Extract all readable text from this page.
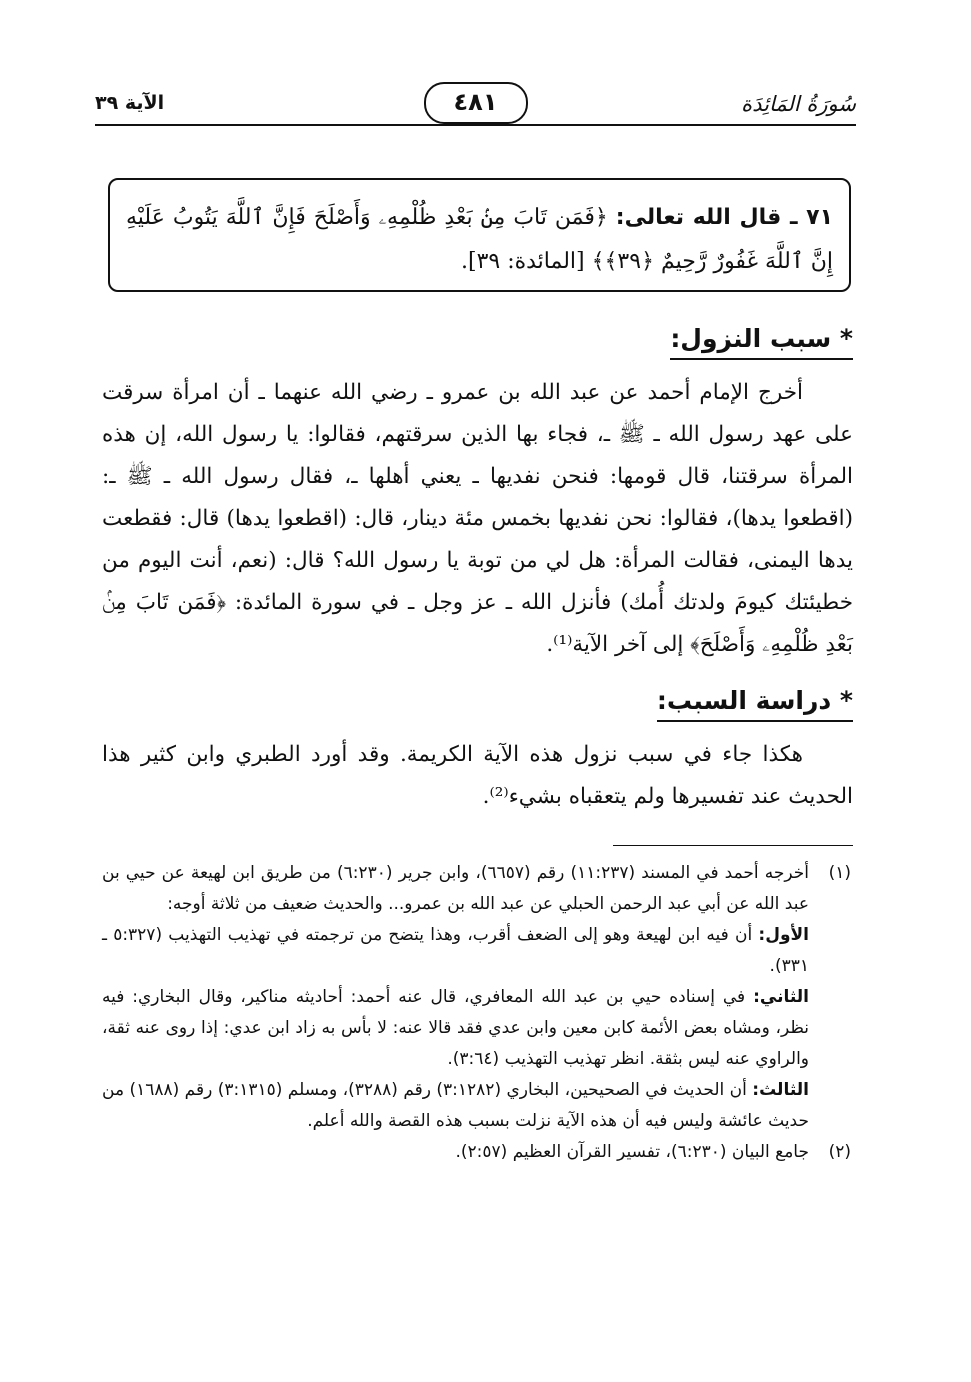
سُورَةُ المَائِدَة
٤٨١
الآية ٣٩
٧١ ـ قال الله تعالى: ﴿فَمَن تَابَ مِنۢ بَعْدِ ظُلْمِهِۦ وَأَصْلَحَ فَإِنَّ ٱللَّهَ يَتُوبُ عَلَيْهِ إِنَّ ٱللَّهَ غَفُورٌ رَّحِيمٌ ﴿٣٩﴾﴾ [المائدة: ٣٩].
* سبب النزول:
أخرج الإمام أحمد عن عبد الله بن عمرو ـ رضي الله عنهما ـ أن امرأة سرقت على عهد رسول الله ـ ﷺ ـ، فجاء بها الذين سرقتهم، فقالوا: يا رسول الله، إن هذه المرأة سرقتنا، قال قومها: فنحن نفديها ـ يعني أهلها ـ، فقال رسول الله ـ ﷺ ـ: (اقطعوا يدها)، فقالوا: نحن نفديها بخمس مئة دينار، قال: (اقطعوا يدها) قال: فقطعت يدها اليمنى، فقالت المرأة: هل لي من توبة يا رسول الله؟ قال: (نعم، أنت اليوم من خطيئتك كيومَ ولدتك أُمك) فأنزل الله ـ عز وجل ـ في سورة المائدة: ﴿فَمَن تَابَ مِنۢ بَعْدِ ظُلْمِهِۦ وَأَصْلَحَ﴾ إلى آخر الآية⁽¹⁾.
* دراسة السبب:
هكذا جاء في سبب نزول هذه الآية الكريمة. وقد أورد الطبري وابن كثير هذا الحديث عند تفسيرها ولم يتعقباه بشيء⁽²⁾.
(١)

أخرجه أحمد في المسند (١١:٢٣٧) رقم (٦٦٥٧)، وابن جرير (٦:٢٣٠) من طريق ابن لهيعة عن حيي بن عبد الله عن أبي عبد الرحمن الحبلي عن عبد الله بن عمرو... والحديث ضعيف من ثلاثة أوجه:

الأول: أن فيه ابن لهيعة وهو إلى الضعف أقرب، وهذا يتضح من ترجمته في تهذيب التهذيب (٥:٣٢٧ ـ ٣٣١).

الثاني: في إسناده حيي بن عبد الله المعافري، قال عنه أحمد: أحاديثه مناكير، وقال البخاري: فيه نظر، ومشاه بعض الأئمة كابن معين وابن عدي فقد قالا عنه: لا بأس به زاد ابن عدي: إذا روى عنه ثقة، والراوي عنه ليس بثقة. انظر تهذيب التهذيب (٣:٦٤).

الثالث: أن الحديث في الصحيحين، البخاري (٣:١٢٨٢) رقم (٣٢٨٨)، ومسلم (٣:١٣١٥) رقم (١٦٨٨) من حديث عائشة وليس فيه أن هذه الآية نزلت بسبب هذه القصة والله أعلم.

(٢)

جامع البيان (٦:٢٣٠)، تفسير القرآن العظيم (٢:٥٧).
